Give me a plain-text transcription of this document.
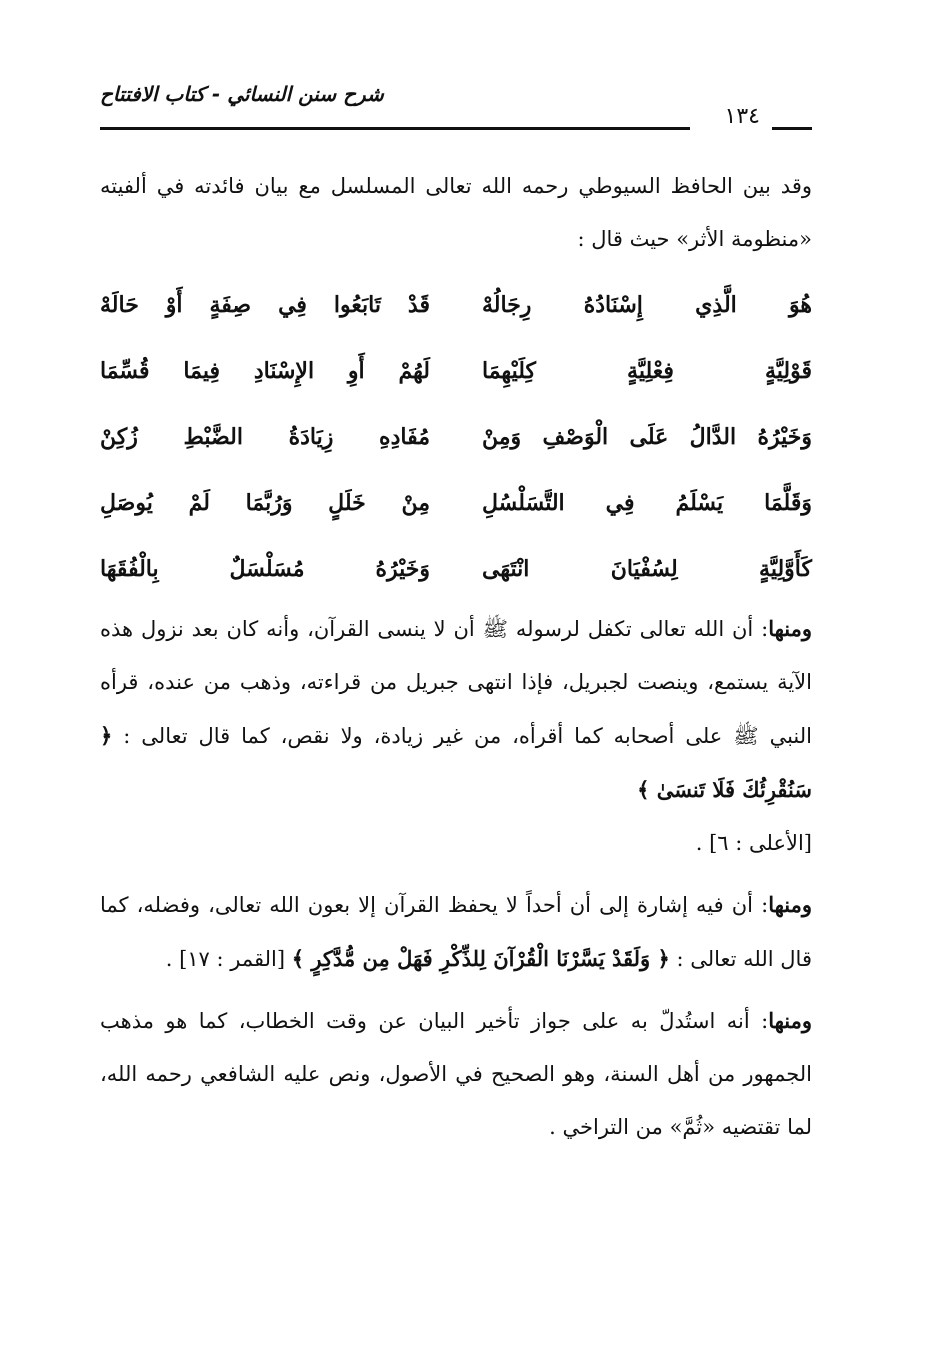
شرح سنن النسائي - كتاب الافتتاح
١٣٤

وقد بين الحافظ السيوطي رحمه الله تعالى المسلسل مع بيان فائدته في ألفيته «منظومة الأثر» حيث قال :

هُوَ الَّذِي إِسْنَادُهُ رِجَالُهْ
قَدْ تَابَعُوا فِي صِفَةٍ أَوْ حَالَهْ
قَوْلِيَّةٍ فِعْلِيَّةٍ كِلَيْهِمَا
لَهُمْ أَوِ الإِسْنَادِ فِيمَا قُسِّمَا
وَخَيْرُهُ الدَّالُ عَلَى الْوَصْفِ وَمِنْ
مُفَادِهِ زِيَادَةُ الضَّبْطِ زُكِنْ
وَقَلَّمَا يَسْلَمُ فِي التَّسَلْسُلِ
مِنْ خَلَلٍ وَرُبَّمَا لَمْ يُوصَلِ
كَأَوَّلِيَّةٍ لِسُفْيَانَ انْتَهَى
وَخَيْرُهُ مُسَلْسَلٌ بِالْفُقَهَا

ومنها: أن الله تعالى تكفل لرسوله ﷺ أن لا ينسى القرآن، وأنه كان بعد نزول هذه الآية يستمع، وينصت لجبريل، فإذا انتهى جبريل من قراءته، وذهب من عنده، قرأه النبي ﷺ على أصحابه كما أقرأه، من غير زيادة، ولا نقص، كما قال تعالى : ﴿ سَنُقْرِئُكَ فَلَا تَنسَىٰ ﴾
[الأعلى : ٦] .

ومنها: أن فيه إشارة إلى أن أحداً لا يحفظ القرآن إلا بعون الله تعالى، وفضله، كما قال الله تعالى : ﴿ وَلَقَدْ يَسَّرْنَا الْقُرْآنَ لِلذِّكْرِ فَهَلْ مِن مُّدَّكِرٍ ﴾ [القمر : ١٧] .

ومنها: أنه استُدلّ به على جواز تأخير البيان عن وقت الخطاب، كما هو مذهب الجمهور من أهل السنة، وهو الصحيح في الأصول، ونص عليه الشافعي رحمه الله، لما تقتضيه «ثُمَّ» من التراخي .
